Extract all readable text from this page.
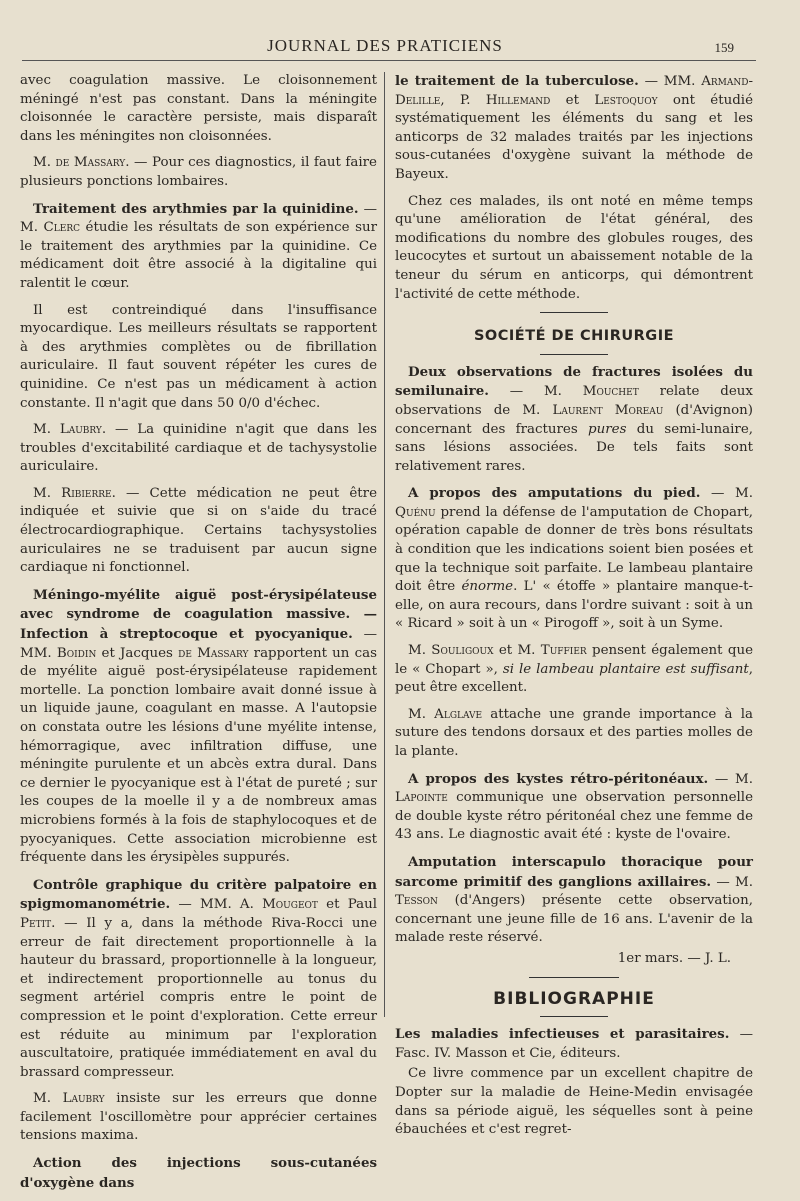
JOURNAL DES PRATICIENS	159

avec coagulation massive. Le cloisonnement méningé n'est pas constant. Dans la méningite cloisonnée le caractère persiste, mais disparaît dans les méningites non cloisonnées.

M. de Massary. — Pour ces diagnostics, il faut faire plusieurs ponctions lombaires.

Traitement des arythmies par la quinidine. — M. Clerc étudie les résultats de son expérience sur le traitement des arythmies par la quinidine. Ce médicament doit être associé à la digitaline qui ralentit le cœur.

Il est contreindiqué dans l'insuffisance myocardique. Les meilleurs résultats se rapportent à des arythmies complètes ou de fibrillation auriculaire. Il faut souvent répéter les cures de quinidine. Ce n'est pas un médicament à action constante. Il n'agit que dans 50 0/0 d'échec.

M. Laubry. — La quinidine n'agit que dans les troubles d'excitabilité cardiaque et de tachysystolie auriculaire.

M. Ribierre. — Cette médication ne peut être indiquée et suivie que si on s'aide du tracé électrocardiographique. Certains tachysystolies auriculaires ne se traduisent par aucun signe cardiaque ni fonctionnel.

Méningo-myélite aiguë post-érysipélateuse avec syndrome de coagulation massive. — Infection à streptocoque et pyocyanique. — MM. Boidin et Jacques de Massary rapportent un cas de myélite aiguë post-érysipélateuse rapidement mortelle. La ponction lombaire avait donné issue à un liquide jaune, coagulant en masse. A l'autopsie on constata outre les lésions d'une myélite intense, hémorragique, avec infiltration diffuse, une méningite purulente et un abcès extra dural. Dans ce dernier le pyocyanique est à l'état de pureté ; sur les coupes de la moelle il y a de nombreux amas microbiens formés à la fois de staphylocoques et de pyocyaniques. Cette association microbienne est fréquente dans les érysipèles suppurés.

Contrôle graphique du critère palpatoire en spigmomanométrie. — MM. A. Mougeot et Paul Petit. — Il y a, dans la méthode Riva-Rocci une erreur de fait directement proportionnelle à la hauteur du brassard, proportionnelle à la longueur, et indirectement proportionnelle au tonus du segment artériel compris entre le point de compression et le point d'exploration. Cette erreur est réduite au minimum par l'exploration auscultatoire, pratiquée immédiatement en aval du brassard compresseur.

M. Laubry insiste sur les erreurs que donne facilement l'oscillomètre pour apprécier certaines tensions maxima.

Action des injections sous-cutanées d'oxygène dans

le traitement de la tuberculose. — MM. Armand-Delille, P. Hillemand et Lestoquoy ont étudié systématiquement les éléments du sang et les anticorps de 32 malades traités par les injections sous-cutanées d'oxygène suivant la méthode de Bayeux.

Chez ces malades, ils ont noté en même temps qu'une amélioration de l'état général, des modifications du nombre des globules rouges, des leucocytes et surtout un abaissement notable de la teneur du sérum en anticorps, qui démontrent l'activité de cette méthode.

SOCIÉTÉ DE CHIRURGIE

Deux observations de fractures isolées du semilunaire. — M. Mouchet relate deux observations de M. Laurent Moreau (d'Avignon) concernant des fractures pures du semi-lunaire, sans lésions associées. De tels faits sont relativement rares.

A propos des amputations du pied. — M. Quénu prend la défense de l'amputation de Chopart, opération capable de donner de très bons résultats à condition que les indications soient bien posées et que la technique soit parfaite. Le lambeau plantaire doit être énorme. L' « étoffe » plantaire manque-t-elle, on aura recours, dans l'ordre suivant : soit à un « Ricard » soit à un « Pirogoff », soit à un Syme.

M. Souligoux et M. Tuffier pensent également que le « Chopart », si le lambeau plantaire est suffisant, peut être excellent.

M. Alglave attache une grande importance à la suture des tendons dorsaux et des parties molles de la plante.

A propos des kystes rétro-péritonéaux. — M. Lapointe communique une observation personnelle de double kyste rétro péritonéal chez une femme de 43 ans. Le diagnostic avait été : kyste de l'ovaire.

Amputation interscapulo thoracique pour sarcome primitif des ganglions axillaires. — M. Tesson (d'Angers) présente cette observation, concernant une jeune fille de 16 ans. L'avenir de la malade reste réservé.

1er mars. — J. L.
BIBLIOGRAPHIE

Les maladies infectieuses et parasitaires. — Fasc. IV. Masson et Cie, éditeurs.

Ce livre commence par un excellent chapitre de Dopter sur la maladie de Heine-Medin envisagée dans sa période aiguë, les séquelles sont à peine ébauchées et c'est regret-
